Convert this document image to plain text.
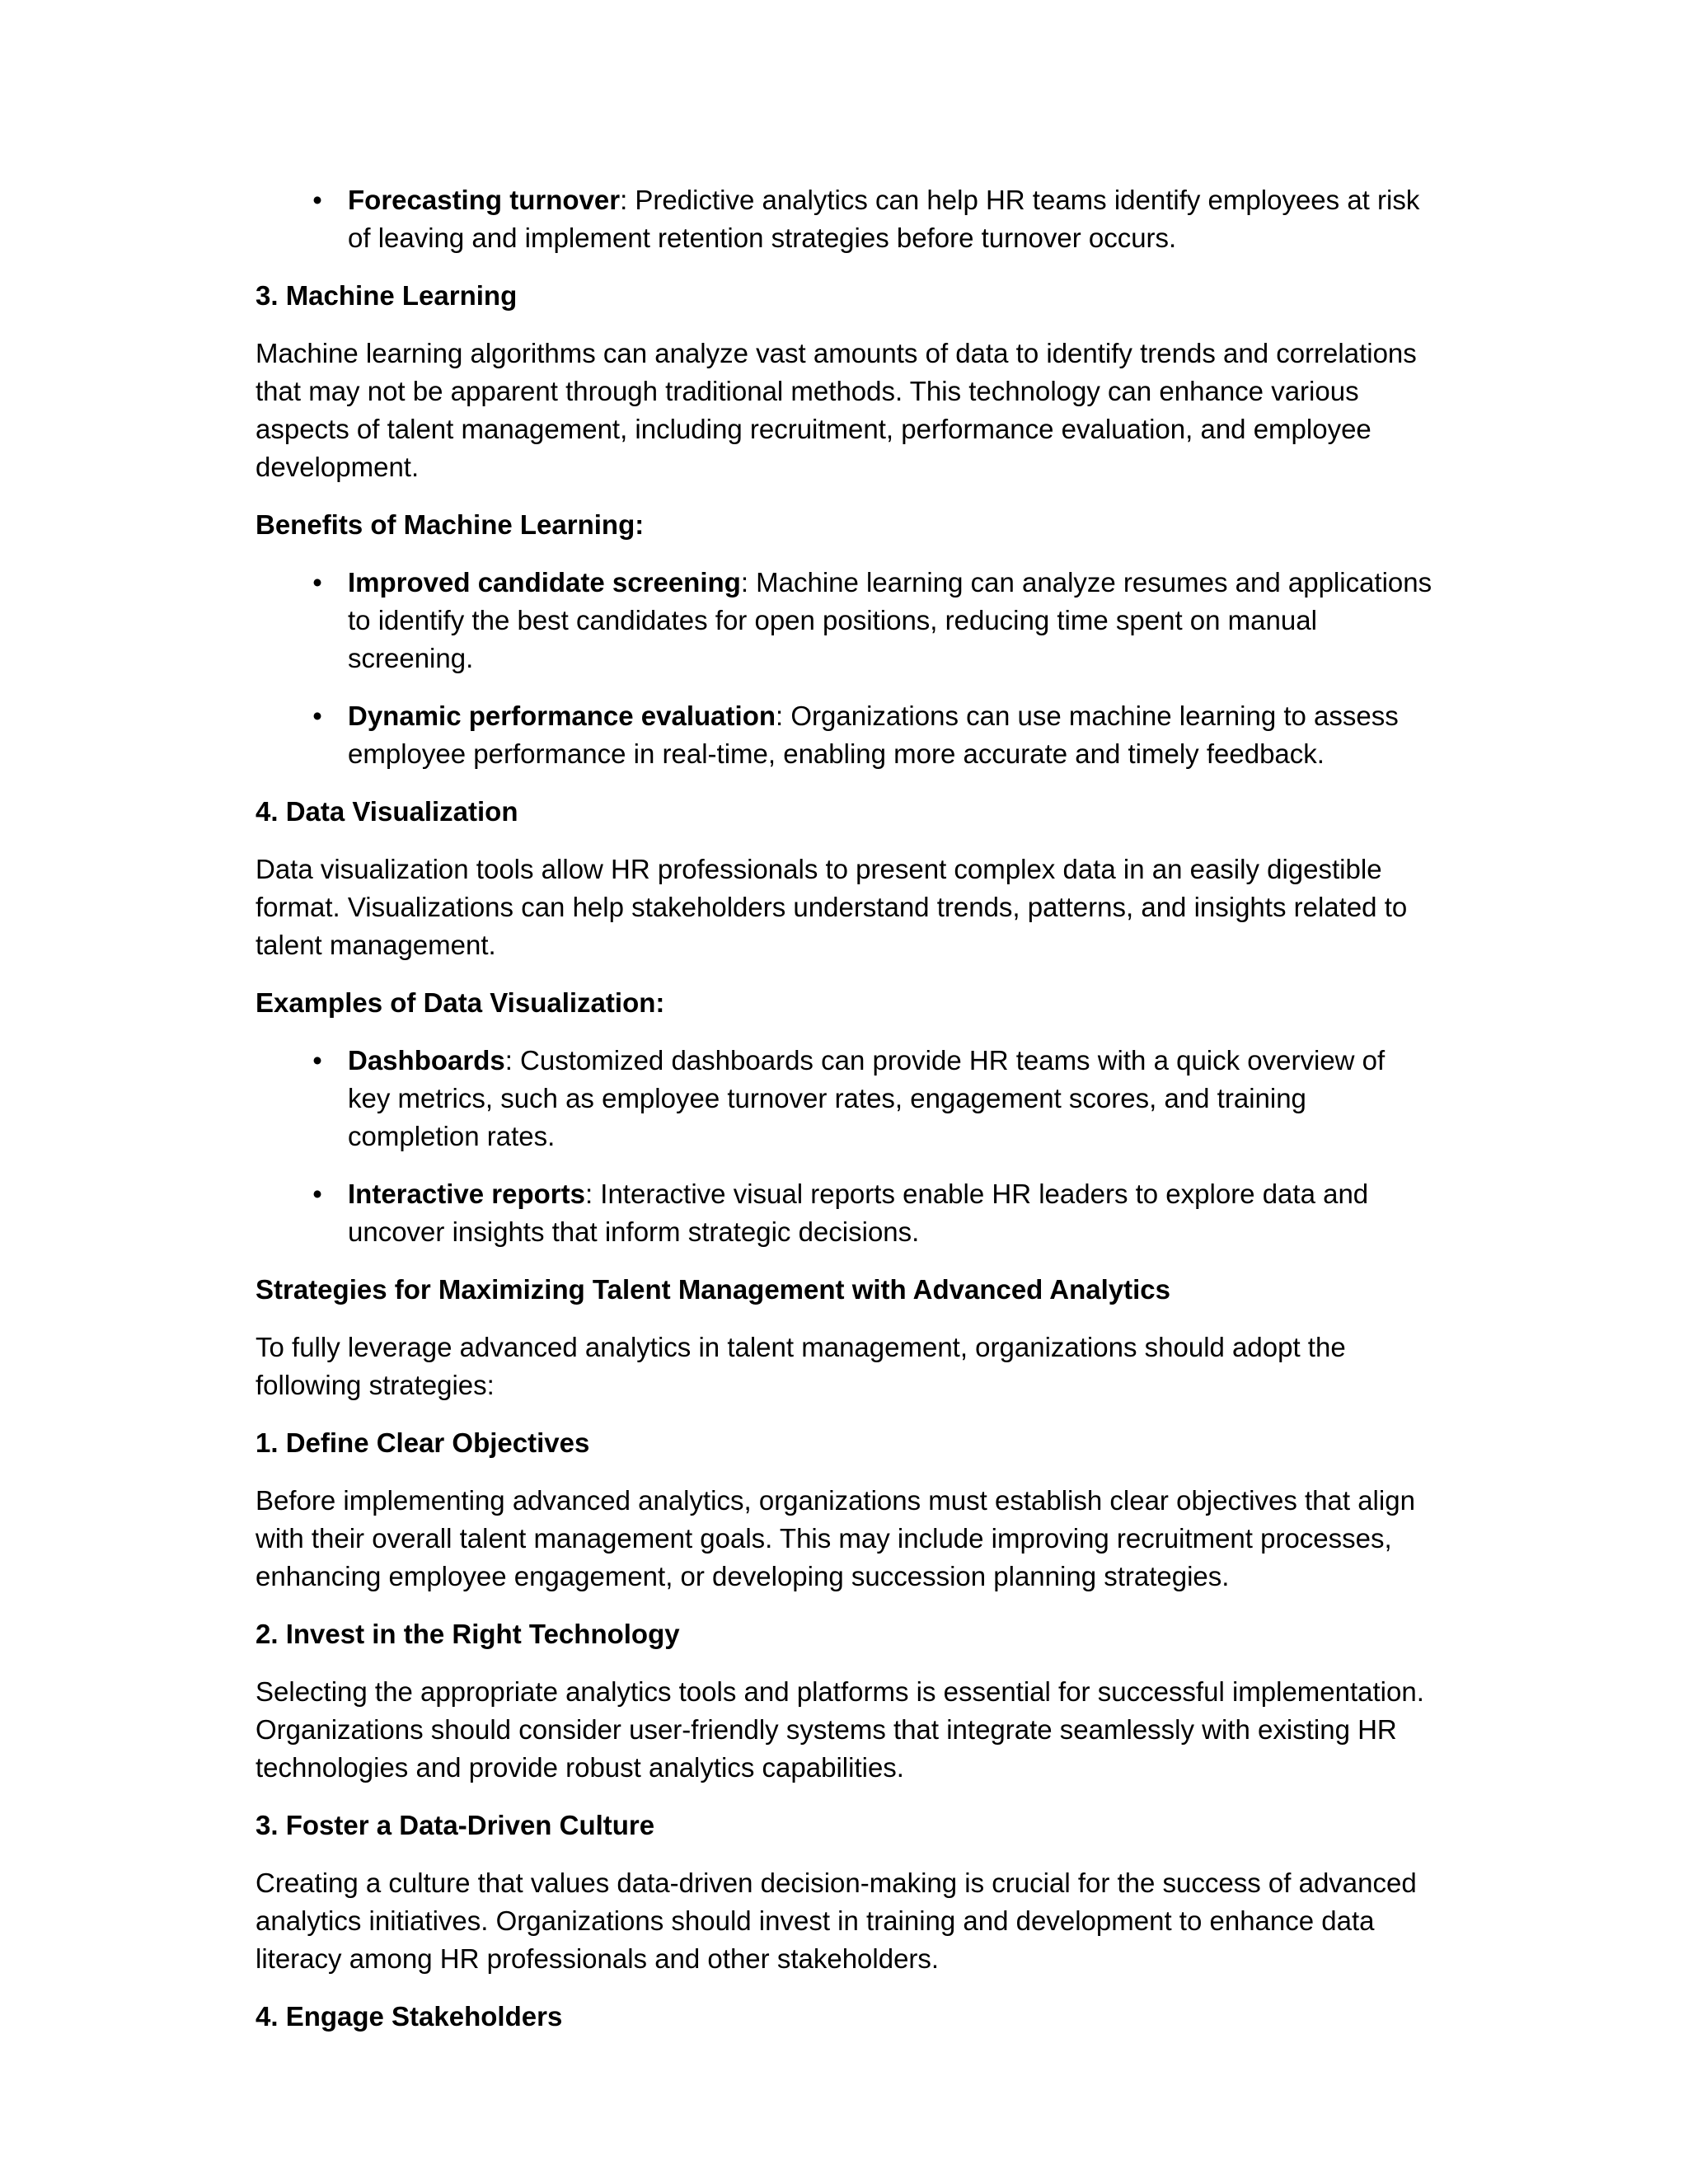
• Forecasting turnover: Predictive analytics can help HR teams identify employees at risk of leaving and implement retention strategies before turnover occurs.
3. Machine Learning
Machine learning algorithms can analyze vast amounts of data to identify trends and correlations that may not be apparent through traditional methods. This technology can enhance various aspects of talent management, including recruitment, performance evaluation, and employee development.
Benefits of Machine Learning:
• Improved candidate screening: Machine learning can analyze resumes and applications to identify the best candidates for open positions, reducing time spent on manual screening.
• Dynamic performance evaluation: Organizations can use machine learning to assess employee performance in real-time, enabling more accurate and timely feedback.
4. Data Visualization
Data visualization tools allow HR professionals to present complex data in an easily digestible format. Visualizations can help stakeholders understand trends, patterns, and insights related to talent management.
Examples of Data Visualization:
• Dashboards: Customized dashboards can provide HR teams with a quick overview of key metrics, such as employee turnover rates, engagement scores, and training completion rates.
• Interactive reports: Interactive visual reports enable HR leaders to explore data and uncover insights that inform strategic decisions.
Strategies for Maximizing Talent Management with Advanced Analytics
To fully leverage advanced analytics in talent management, organizations should adopt the following strategies:
1. Define Clear Objectives
Before implementing advanced analytics, organizations must establish clear objectives that align with their overall talent management goals. This may include improving recruitment processes, enhancing employee engagement, or developing succession planning strategies.
2. Invest in the Right Technology
Selecting the appropriate analytics tools and platforms is essential for successful implementation. Organizations should consider user-friendly systems that integrate seamlessly with existing HR technologies and provide robust analytics capabilities.
3. Foster a Data-Driven Culture
Creating a culture that values data-driven decision-making is crucial for the success of advanced analytics initiatives. Organizations should invest in training and development to enhance data literacy among HR professionals and other stakeholders.
4. Engage Stakeholders
